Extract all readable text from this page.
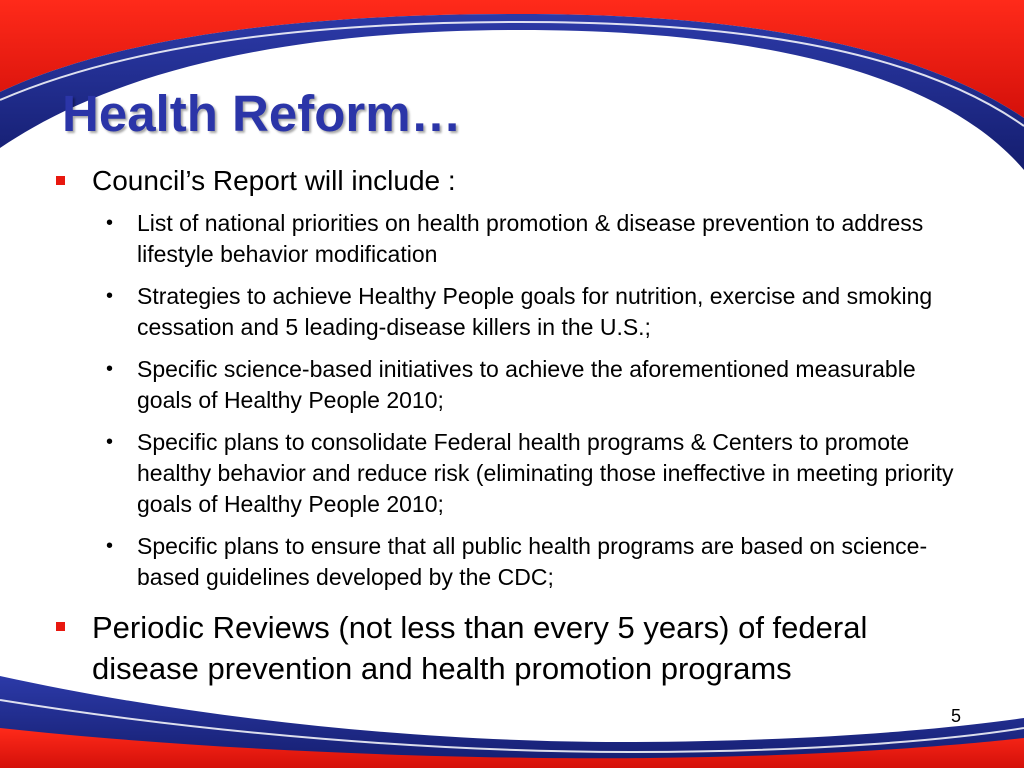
Health Reform…
Council’s Report will include :
• List of national priorities on health promotion & disease prevention to address lifestyle behavior modification
• Strategies to achieve Healthy People goals for nutrition, exercise and smoking cessation and 5 leading-disease killers in the U.S.;
• Specific science-based initiatives to achieve the aforementioned measurable goals of Healthy People 2010;
• Specific plans to consolidate Federal health programs & Centers to promote healthy behavior and reduce risk (eliminating those ineffective in meeting priority goals of Healthy People 2010;
• Specific plans to ensure that all public health programs are based on science-based guidelines developed by the CDC;
Periodic Reviews (not less than every 5 years) of federal disease prevention and health promotion programs
5
